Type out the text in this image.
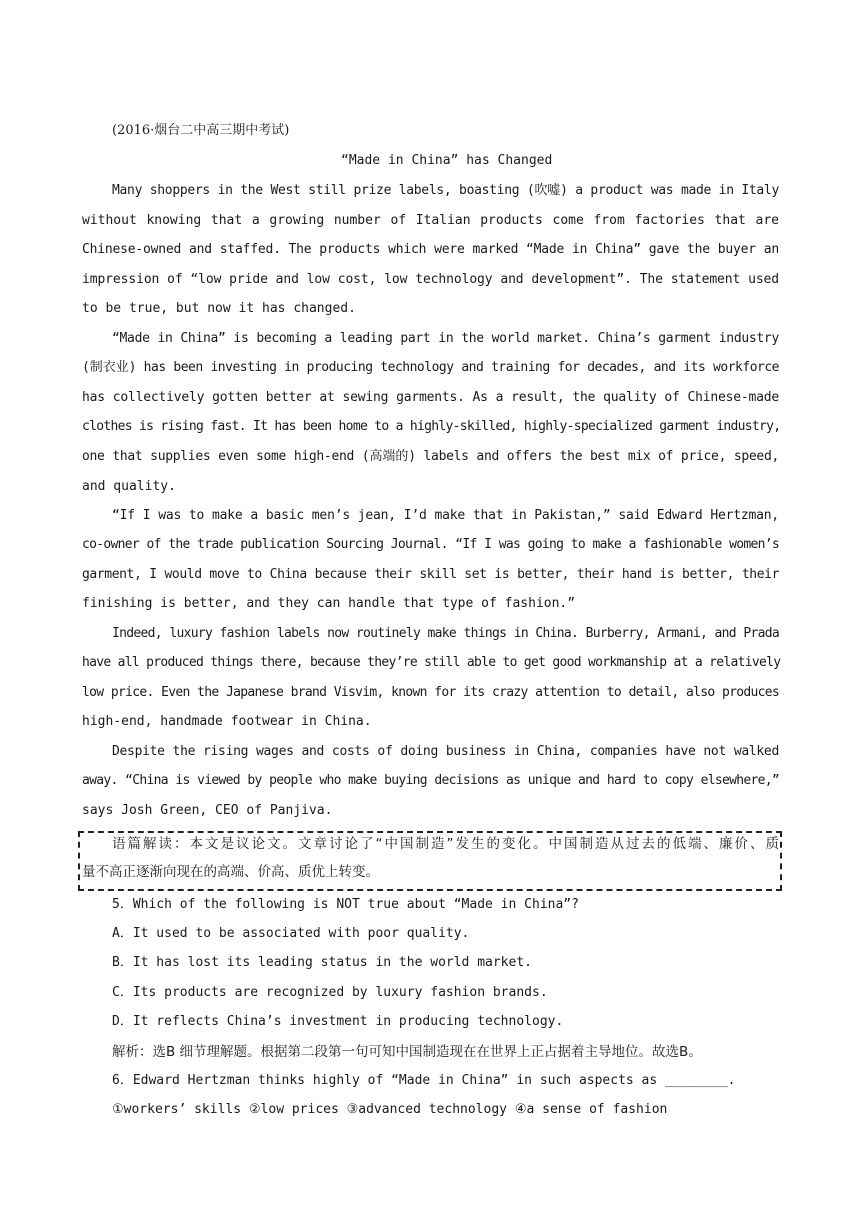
(2016·烟台二中高三期中考试)
“Made in China” has Changed
Many shoppers in the West still prize labels, boasting (吹嘘) a product was made in Italy
without knowing that a growing number of Italian products come from factories that are
Chinese-owned and staffed. The products which were marked “Made in China” gave the buyer an
impression of “low pride and low cost, low technology and development”. The statement used
to be true, but now it has changed.
“Made in China” is becoming a leading part in the world market. China’s garment industry
(制衣业) has been investing in producing technology and training for decades, and its workforce
has collectively gotten better at sewing garments. As a result, the quality of Chinese-made
clothes is rising fast. It has been home to a highly-skilled, highly-specialized garment industry,
one that supplies even some high-end (高端的) labels and offers the best mix of price, speed,
and quality.
“If I was to make a basic men’s jean, I’d make that in Pakistan,” said Edward Hertzman,
co-owner of the trade publication Sourcing Journal. “If I was going to make a fashionable women’s
garment, I would move to China because their skill set is better, their hand is better, their
finishing is better, and they can handle that type of fashion.”
Indeed, luxury fashion labels now routinely make things in China. Burberry, Armani, and Prada
have all produced things there, because they’re still able to get good workmanship at a relatively
low price. Even the Japanese brand Visvim, known for its crazy attention to detail, also produces
high-end, handmade footwear in China.
Despite the rising wages and costs of doing business in China, companies have not walked
away. “China is viewed by people who make buying decisions as unique and hard to copy elsewhere,”
says Josh Green, CEO of Panjiva.
语篇解读：本文是议论文。文章讨论了“中国制造”发生的变化。中国制造从过去的低端、廉价、质
量不高正逐渐向现在的高端、价高、质优上转变。
5．Which of the following is NOT true about “Made in China”?
A．It used to be associated with poor quality.
B．It has lost its leading status in the world market.
C．Its products are recognized by luxury fashion brands.
D．It reflects China’s investment in producing technology.
解析：选B 细节理解题。根据第二段第一句可知中国制造现在在世界上正占据着主导地位。故选B。
6．Edward Hertzman thinks highly of “Made in China” in such aspects as ________.
①workers’ skills ②low prices ③advanced technology ④a sense of fashion
